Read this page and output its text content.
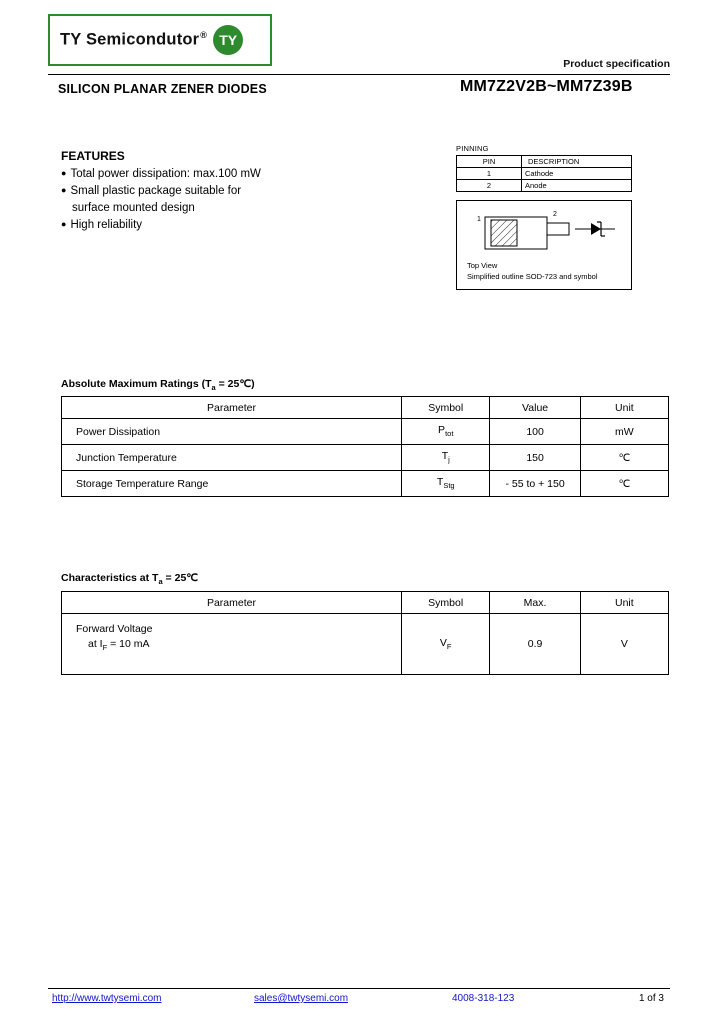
TY Semicondutor® TY
Product specification
SILICON PLANAR ZENER DIODES	MM7Z2V2B~MM7Z39B
FEATURES
● Total power dissipation: max.100 mW
● Small plastic package suitable for
surface mounted design
● High reliability
PINNING
PIN	DESCRIPTION
1	Cathode
2	Anode
1
2
Top View
Simplified outline SOD-723 and symbol
Absolute Maximum Ratings ($T_a$ = 25℃)
Parameter	Symbol	Value	Unit
Power Dissipation	$P_{tot}$	100	mW
Junction Temperature	$T_j$	150	℃
Storage Temperature Range	$T_{Stg}$	- 55 to + 150	℃
Characteristics at $T_a$ = 25℃
Parameter	Symbol	Max.	Unit
Forward Voltage
at $I_F = 10$ mA	$V_F$	0.9	V
http://www.twtysemi.com	sales@twtysemi.com	4008-318-123	1 of 3
